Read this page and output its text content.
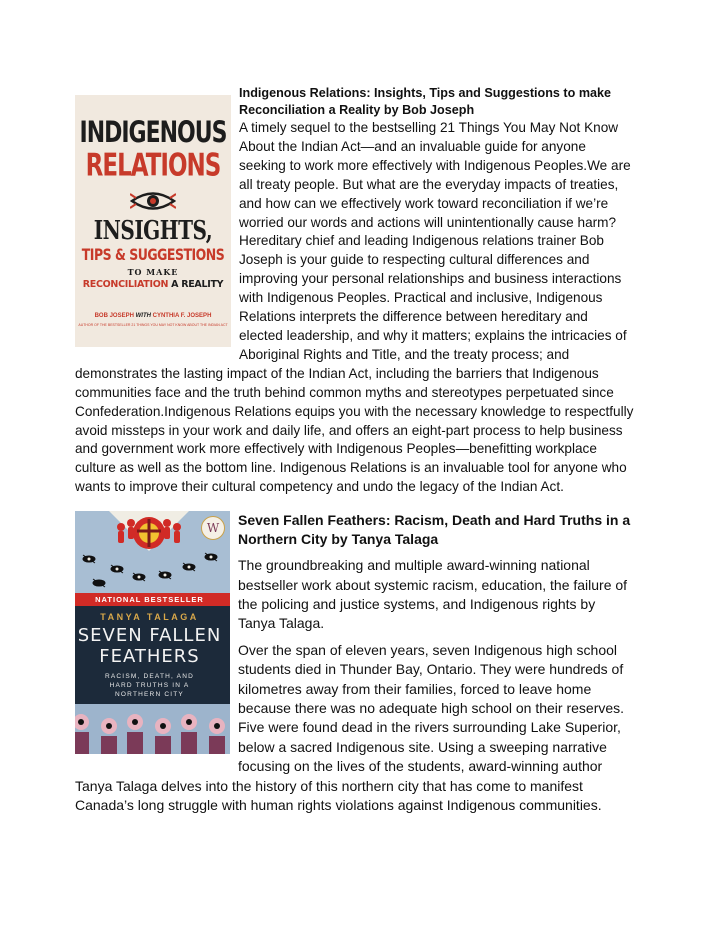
INDIGENOUS
RELATIONS
INSIGHTS,
TIPS & SUGGESTIONS
TO MAKE
RECONCILIATION A REALITY
BOB JOSEPH WITH CYNTHIA F. JOSEPH
AUTHOR OF THE BESTSELLER 21 THINGS YOU MAY NOT KNOW ABOUT THE INDIAN ACT

Indigenous Relations: Insights, Tips and Suggestions to make Reconciliation a Reality by Bob Joseph

A timely sequel to the bestselling 21 Things You May Not Know About the Indian Act—and an invaluable guide for anyone seeking to work more effectively with Indigenous Peoples.We are all treaty people. But what are the everyday impacts of treaties, and how can we effectively work toward reconciliation if we’re worried our words and actions will unintentionally cause harm?Hereditary chief and leading Indigenous relations trainer Bob Joseph is your guide to respecting cultural differences and improving your personal relationships and business interactions with Indigenous Peoples. Practical and inclusive, Indigenous Relations interprets the difference between hereditary and elected leadership, and why it matters; explains the intricacies of Aboriginal Rights and Title, and the treaty process; and demonstrates the lasting impact of the Indian Act, including the barriers that Indigenous communities face and the truth behind common myths and stereotypes perpetuated since Confederation.Indigenous Relations equips you with the necessary knowledge to respectfully avoid missteps in your work and daily life, and offers an eight-part process to help business and government work more effectively with Indigenous Peoples—benefitting workplace culture as well as the bottom line. Indigenous Relations is an invaluable tool for anyone who wants to improve their cultural competency and undo the legacy of the Indian Act.

W
NATIONAL BESTSELLER
TANYA TALAGA
SEVEN FALLEN
FEATHERS
RACISM, DEATH, AND
HARD TRUTHS IN A
NORTHERN CITY

Seven Fallen Feathers: Racism, Death and Hard Truths in a Northern City by Tanya Talaga

The groundbreaking and multiple award-winning national bestseller work about systemic racism, education, the failure of the policing and justice systems, and Indigenous rights by Tanya Talaga.

Over the span of eleven years, seven Indigenous high school students died in Thunder Bay, Ontario. They were hundreds of kilometres away from their families, forced to leave home because there was no adequate high school on their reserves. Five were found dead in the rivers surrounding Lake Superior, below a sacred Indigenous site. Using a sweeping narrative focusing on the lives of the students, award-winning author Tanya Talaga delves into the history of this northern city that has come to manifest Canada’s long struggle with human rights violations against Indigenous communities.
